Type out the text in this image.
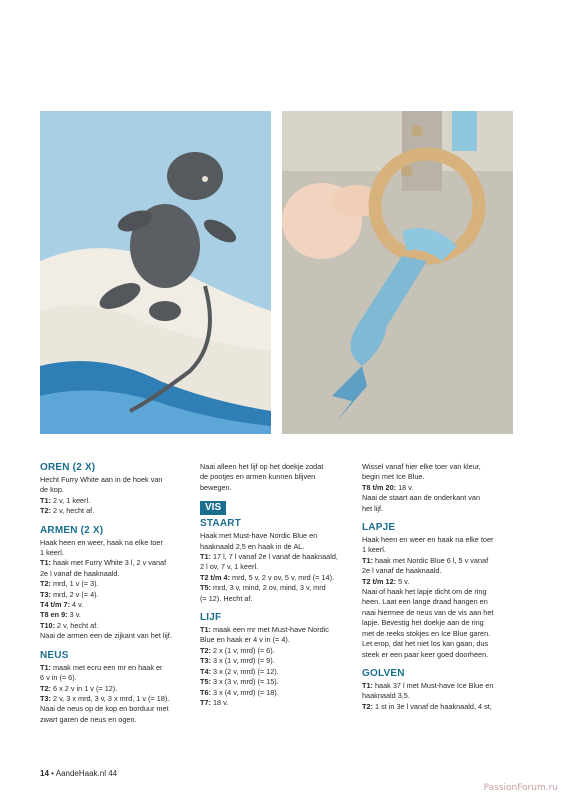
OREN (2 X)
Hecht Furry White aan in de hoek van
de kop.
T1: 2 v, 1 keerl.
T2: 2 v, hecht af.
ARMEN (2 X)
Haak heen en weer, haak na elke toer
1 keerl.
T1: haak met Furry White 3 l, 2 v vanaf
2e l vanaf de haaknaald.
T2: mrd, 1 v (= 3).
T3: mrd, 2 v (= 4).
T4 t/m 7: 4 v.
T8 en 9: 3 v.
T10: 2 v, hecht af.
Naai de armen een de zijkant van het lijf.
NEUS
T1: maak met ecru een mr en haak er
6 v in (= 6).
T2: 6 x 2 v in 1 v (= 12).
T3: 2 v, 3 x mrd, 3 v, 3 x mrd, 1 v (= 18).
Naai de neus op de kop en borduur met
zwart garen de neus en ogen.
Naai alleen het lijf op het doekje zodat
de pootjes en armen kunnen blijven
bewegen.
VIS
STAART
Haak met Must-have Nordic Blue en
haaknaald 2,5 en haak in de AL.
T1: 17 l, 7 l vanaf 2e l vanaf de haaknaald,
2 l ov, 7 v, 1 keerl.
T2 t/m 4: mrd, 5 v, 2 v ov, 5 v, mrd (= 14).
T5: mrd, 3 v, mind, 2 ov, mind, 3 v, mrd
(= 12). Hecht af.
LIJF
T1: maak een mr met Must-have Nordic
Blue en haak er 4 v in (= 4).
T2: 2 x (1 v, mrd) (= 6).
T3: 3 x (1 v, mrd) (= 9).
T4: 3 x (2 v, mrd) (= 12).
T5: 3 x (3 v, mrd) (= 15).
T6: 3 x (4 v, mrd) (= 18).
T7: 18 v.
Wissel vanaf hier elke toer van kleur,
begin met Ice Blue.
T8 t/m 20: 18 v.
Naai de staart aan de onderkant van
het lijf.
LAPJE
Haak heen en weer en haak na elke toer
1 keerl.
T1: haak met Nordic Blue 6 l, 5 v vanaf
2e l vanaf de haaknaald.
T2 t/m 12: 5 v.
Naai of haak het lapje dicht om de ring
heen. Laat een lange draad hangen en
naai hiermee de neus van de vis aan het
lapje. Bevestig het doekje aan de ring
met de reeks stokjes en Ice Blue garen.
Let erop, dat het niet los kan gaan, dus
steek er een paar keer goed doorheen.
GOLVEN
T1: haak 37 l met Must-have Ice Blue en
haaknaald 3,5.
T2: 1 st in 3e l vanaf de haaknaald, 4 st,
14 • AandeHaak.nl 44
PassionForum.ru
